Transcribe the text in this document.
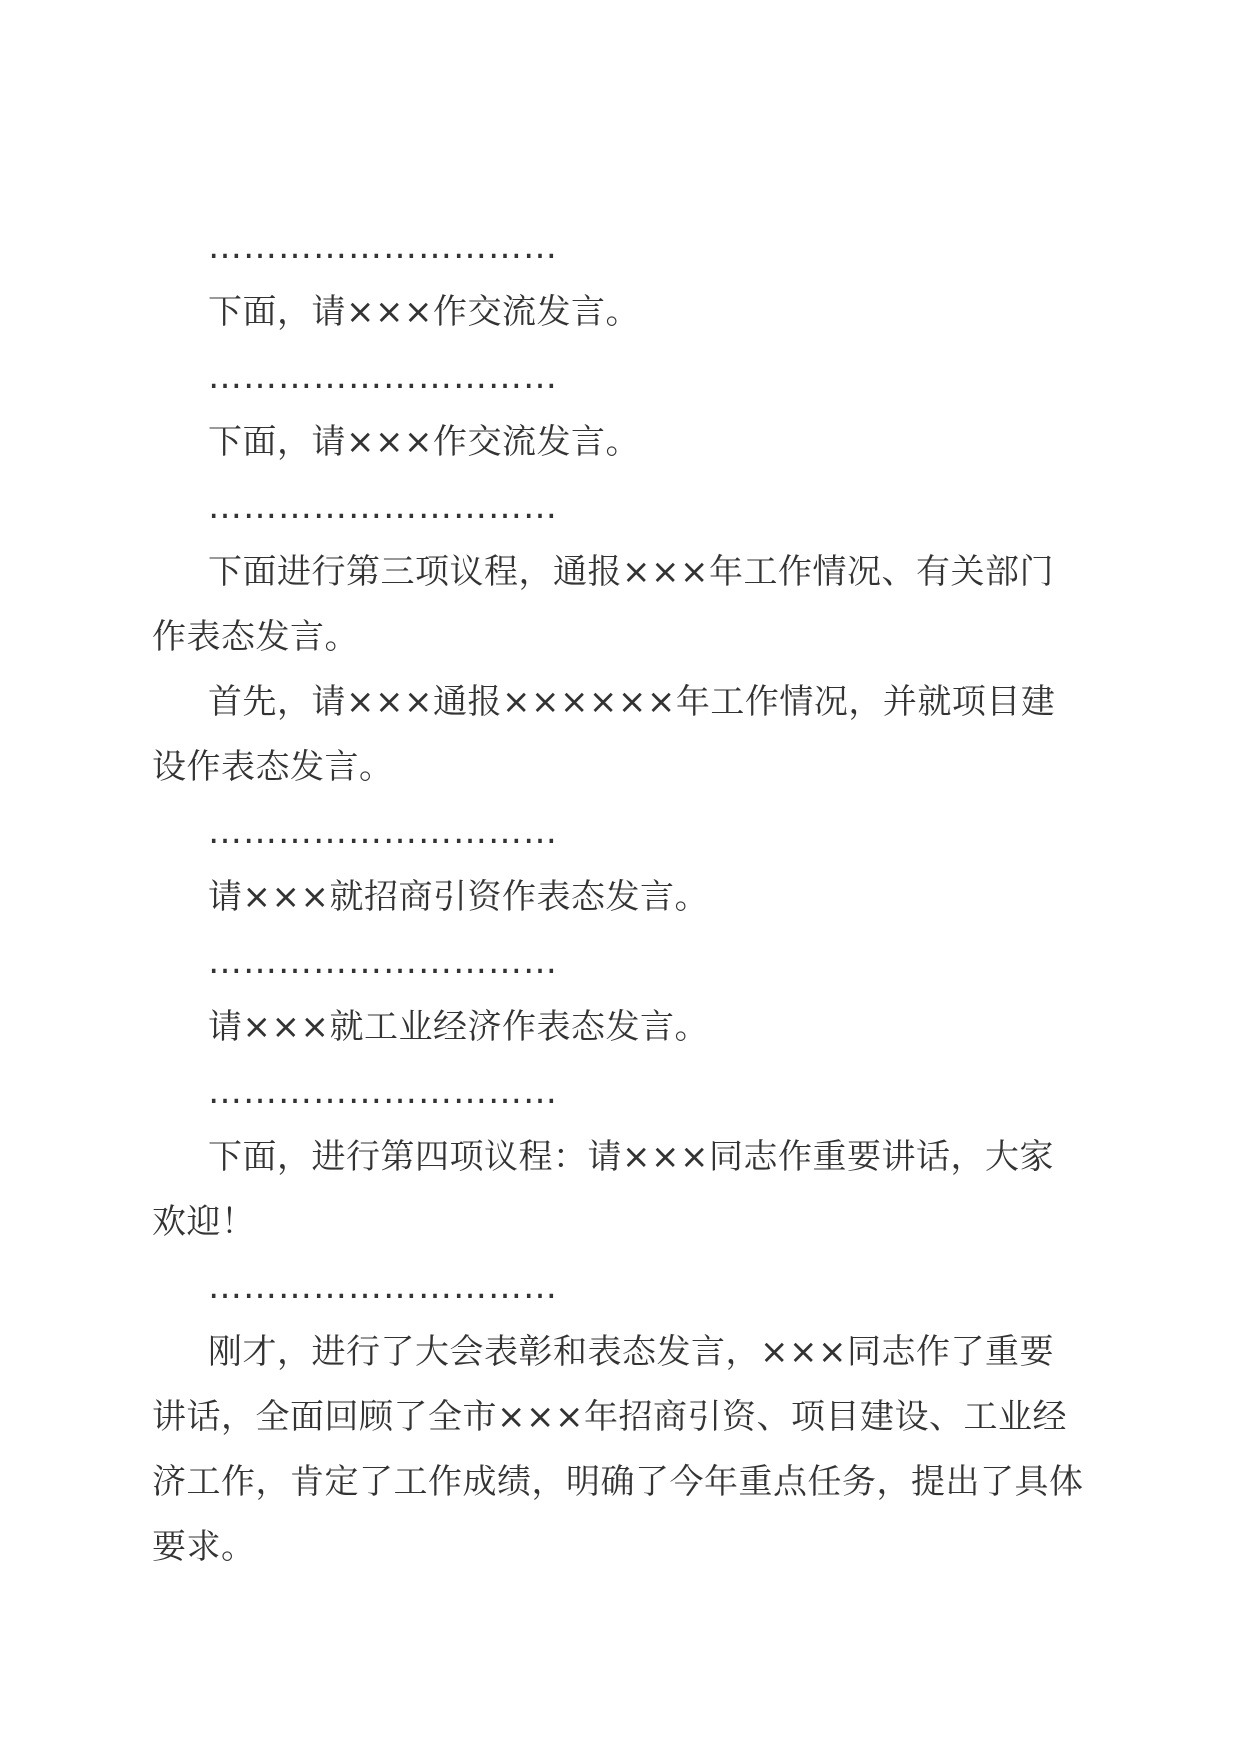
…………………………

下面，请×××作交流发言。

…………………………

下面，请×××作交流发言。

…………………………

下面进行第三项议程，通报×××年工作情况、有关部门作表态发言。

首先，请×××通报××××××年工作情况，并就项目建设作表态发言。

…………………………

请×××就招商引资作表态发言。

…………………………

请×××就工业经济作表态发言。

…………………………

下面，进行第四项议程：请×××同志作重要讲话，大家欢迎！

…………………………

刚才，进行了大会表彰和表态发言，×××同志作了重要讲话，全面回顾了全市×××年招商引资、项目建设、工业经济工作，肯定了工作成绩，明确了今年重点任务，提出了具体要求。
